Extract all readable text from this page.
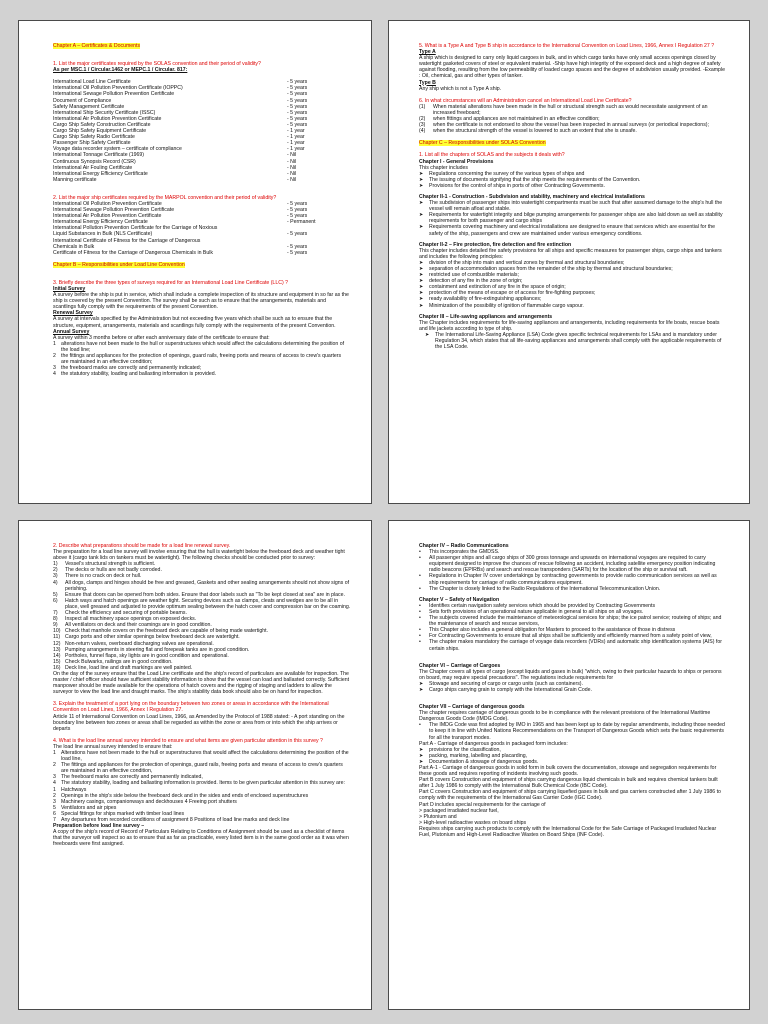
Chapter A – Certificates & Documents
1. List the major certificates required by the SOLAS convention and their period of validity?
As per MSC.1 / Circular.1462 or MEPC.1 / Circular. 817:
International Load Line Certificate	- 5 years
International Oil Pollution Prevention Certificate (IOPPC)	- 5 years
International Sewage Pollution Prevention Certificate	- 5 years
Document of Compliance	- 5 years
Safety Management Certificate	- 5 years
International Ship Security Certificate (ISSC)	- 5 years
International Air Pollution Prevention Certificate	- 5 years
Cargo Ship Safety Construction Certificate	- 5 years
Cargo Ship Safety Equipment Certificate	- 1 year
Cargo Ship Safety Radio Certificate	- 1 year
Passenger Ship Safety Certificate	- 1 year
Voyage data recorder system – certificate of compliance	- 1 year
International Tonnage Certificate (1969)	- Nil
Continuous Synopsis Record (CSR)	- Nil
International Air Fouling Certificate	- Nil
International Energy Efficiency Certificate	- Nil
Manning certificate	- Nil
2. List the major ship certificates required by the MARPOL convention and their period of validity?
International Oil Pollution Prevention Certificate	- 5 years
International Sewage Pollution Prevention Certificate	- 5 years
International Air Pollution Prevention Certificate	- 5 years
International Energy Efficiency Certificate	- Permanent
International Pollution Prevention Certificate for the Carriage of Noxious
Liquid Substances in Bulk (NLS Certificate)	- 5 years
International Certificate of Fitness for the Carriage of Dangerous
Chemicals in Bulk	- 5 years
Certificate of Fitness for the Carriage of Dangerous Chemicals in Bulk	- 5 years
Chapter B – Responsibilities under Load Line Convention
3. Briefly describe the three types of surveys required for an International Load Line Certificate (LLC) ?
Initial Survey
A survey before the ship is put in service, which shall include a complete inspection of its structure and equipment in so far as the ship is covered by the present Convention. The survey shall be such as to ensure that the arrangements, materials and scantlings fully comply with the requirements of the present Convention.
Renewal Survey
A survey at intervals specified by the Administration but not exceeding five years which shall be such as to ensure that the structure, equipment, arrangements, materials and scantlings fully comply with the requirements of the present Convention.
Annual Survey
A survey within 3 months before or after each anniversary date of the certificate to ensure that:
1 alterations have not been made to the hull or superstructures which would affect the calculations determining the position of the load line;
2 the fittings and appliances for the protection of openings, guard rails, freeing ports and means of access to crew's quarters are maintained in an effective condition;
3 the freeboard marks are correctly and permanently indicated;
4 the statutory stability, loading and ballasting information is provided.
5. What is a Type A and Type B ship in accordance to the International Convention on Load Lines, 1966, Annex I Regulation 27 ?
Type A
A ship which is designed to carry only liquid cargoes in bulk, and in which cargo tanks have only small access openings closed by watertight gasketed covers of steel or equivalent material. -Ship have high integrity of the exposed deck and a high degree of safety against flooding, resulting from the low permeability of loaded cargo spaces and the degree of subdivision usually provided. -Example : Oil, chemical, gas and other types of tanker.
Type B
Any ship which is not a Type A ship.
6. In what circumstances will an Administration cancel an International Load Line Certificate?
(1)	When material alterations have been made in the hull or structural strength such as would necessitate assignment of an increased freeboard;
(2)	when fittings and appliances are not maintained in an effective condition;
(3)	when the certificate is not endorsed to show the vessel has been inspected in annual surveys (or periodical inspections);
(4)	when the structural strength of the vessel is lowered to such an extent that she is unsafe.
Chapter C – Responsibilities under SOLAS Convention
1. List all the chapters of SOLAS and the subjects it deals with?
Chapter I - General Provisions
This chapter includes
➤	Regulations concerning the survey of the various types of ships and
➤	The issuing of documents signifying that the ship meets the requirements of the Convention.
➤	Provisions for the control of ships in ports of other Contracting Governments.
Chapter II-1 - Construction - Subdivision and stability, machinery and electrical installations
➤	The subdivision of passenger ships into watertight compartments must be such that after assumed damage to the ship's hull the vessel will remain afloat and stable.
➤	Requirements for watertight integrity and bilge pumping arrangements for passenger ships are also laid down as well as stability requirements for both passenger and cargo ships
➤	Requirements covering machinery and electrical installations are designed to ensure that services which are essential for the safety of the ship, passengers and crew are maintained under various emergency conditions.
Chapter II-2 – Fire protection, fire detection and fire extinction
This chapter includes detailed fire safety provisions for all ships and specific measures for passenger ships, cargo ships and tankers and includes the following principles:
➤	division of the ship into main and vertical zones by thermal and structural boundaries;
➤	separation of accommodation spaces from the remainder of the ship by thermal and structural boundaries;
➤	restricted use of combustible materials;
➤	detection of any fire in the zone of origin;
➤	containment and extinction of any fire in the space of origin;
➤	protection of the means of escape or of access for fire-fighting purposes;
➤	ready availability of fire-extinguishing appliances;
➤	Minimization of the possibility of ignition of flammable cargo vapour.
Chapter III – Life-saving appliances and arrangements
The Chapter includes requirements for life-saving appliances and arrangements, including requirements for life boats, rescue boats and life jackets according to type of ship.
➤	The International Life-Saving Appliance (LSA) Code gives specific technical requirements for LSAs and is mandatory under Regulation 34, which states that all life-saving appliances and arrangements shall comply with the applicable requirements of the LSA Code.
2. Describe what preparations should be made for a load line renewal survey.
The preparation for a load line survey will involve ensuring that the hull is watertight below the freeboard deck and weather tight above it (cargo tank lids on tankers must be watertight). The following checks should be conducted prior to survey:
1)	Vessel's structural strength is sufficient.
2)	The decks or hulls are not badly corroded.
3)	There is no crack on deck or hull.
4)	All dogs, clamps and hinges should be free and greased, Gaskets and other sealing arrangements should not show signs of perishing.
5)	Ensure that doors can be opened from both sides. Ensure that door labels such as "To be kept closed at sea" are in place.
6)	Hatch ways and hatch openings are weather tight. Securing devices such as clamps, cleats and wedges are to be all in place, well greased and adjusted to provide optimum sealing between the hatch cover and compression bar on the coaming.
7)	Check the efficiency and securing of portable beams.
8)	Inspect all machinery space openings on exposed decks.
9)	All ventilators on deck and their coamings are in good condition.
10) Check that manhole covers on the freeboard deck are capable of being made watertight.
11) Cargo ports and other similar openings below freeboard deck are watertight.
12) Non-return valves, overboard discharging valves are operational.
13) Pumping arrangements in steering flat and forepeak tanks are in good condition.
14) Portholes, funnel flaps, sky lights are in good condition and operational.
15) Check Bulwarks, railings are in good condition.
16) Deck line, load line and draft markings are well painted.
On the day of the survey ensure that the Load Line certificate and the ship's record of particulars are available for inspection. The master / chief officer should have sufficient stability information to show that the vessel can load and ballasted correctly. Sufficient manpower should be made available for the operations of hatch covers and the rigging of staging and ladders to allow the surveyor to view the load line and draught marks. The ship's stability data book should also be on hand for inspection.
3. Explain the treatment of a port lying on the boundary between two zones or areas in accordance with the International Convention on Load Lines, 1966, Annex I Regulation 27.
Article 11 of International Convention on Load Lines, 1966, as Amended by the Protocol of 1988 stated: - A port standing on the boundary line between two zones or areas shall be regarded as within the zone or area from or into which the ship arrives or departs
4. What is the load line annual survey intended to ensure and what items are given particular attention in this survey ?
The load line annual survey intended to ensure that:
1 Alterations have not been made to the hull or superstructures that would affect the calculations determining the position of the load line,
2 The fittings and appliances for the protection of openings, guard rails, freeing ports and means of access to crew's quarters are maintained in an effective condition,
3 The freeboard marks are correctly and permanently indicated,
4 The statutory stability, loading and ballasting information is provided. Items to be given particular attention in this survey are:
1 Hatchways
2 Openings in the ship's side below the freeboard deck and in the sides and ends of enclosed superstructures
3 Machinery casings, companionways and deckhouses 4 Freeing port shutters
5 Ventilators and air pipes
6 Special fittings for ships marked with timber load lines
7 Any departures from recorded conditions of assignment 8 Positions of load line marks and deck line
Preparation before load line survey –
A copy of the ship's record of Record of Particulars Relating to Conditions of Assignment should be used as a checklist of items that the surveyor will inspect so as to ensure that as far as practicable, every listed item is in the same good order as it was when freeboards were first assigned.
Chapter IV – Radio Communications
•	This incorporates the GMDSS.
•	All passenger ships and all cargo ships of 300 gross tonnage and upwards on international voyages are required to carry equipment designed to improve the chances of rescue following an accident, including satellite emergency position indicating radio beacons (EPIRBs) and search and rescue transponders (SARTs) for the location of the ship or survival raft.
•	Regulations in Chapter IV cover undertakings by contracting governments to provide radio communication services as well as ship requirements for carriage of radio communications equipment.
•	The Chapter is closely linked to the Radio Regulations of the International Telecommunication Union.
Chapter V – Safety of Navigation
•	Identifies certain navigation safety services which should be provided by Contracting Governments
•	Sets forth provisions of an operational nature applicable in general to all ships on all voyages.
•	The subjects covered include the maintenance of meteorological services for ships; the ice patrol service; routeing of ships; and the maintenance of search and rescue services,
•	This Chapter also includes a general obligation for Masters to proceed to the assistance of those in distress
•	For Contracting Governments to ensure that all ships shall be sufficiently and efficiently manned from a safety point of view,
•	The chapter makes mandatory the carriage of voyage data recorders (VDRs) and automatic ship identification systems (AIS) for certain ships.
Chapter VI – Carriage of Cargoes
The Chapter covers all types of cargo (except liquids and gases in bulk) "which, owing to their particular hazards to ships or persons on board, may require special precautions". The regulations include requirements for
➤	Stowage and securing of cargo or cargo units (such as containers).
➤	Cargo ships carrying grain to comply with the International Grain Code.
Chapter VII – Carriage of dangerous goods
The chapter requires carriage of dangerous goods to be in compliance with the relevant provisions of the International Maritime Dangerous Goods Code (IMDG Code).
•	The IMDG Code was first adopted by IMO in 1965 and has been kept up to date by regular amendments, including those needed to keep it in line with United Nations Recommendations on the Transport of Dangerous Goods which sets the basic requirements for all the transport modes.
Part A - Carriage of dangerous goods in packaged form includes:
➤	provisions for the classification,
➤	packing, marking, labelling and placarding,
➤	Documentation & stowage of dangerous goods.
Part A-1 - Carriage of dangerous goods in solid form in bulk covers the documentation, stowage and segregation requirements for these goods and requires reporting of incidents involving such goods.
Part B covers Construction and equipment of ships carrying dangerous liquid chemicals in bulk and requires chemical tankers built after 1 July 1986 to comply with the International Bulk Chemical Code (IBC Code).
Part C covers Construction and equipment of ships carrying liquefied gases in bulk and gas carriers constructed after 1 July 1986 to comply with the requirements of the International Gas Carrier Code (IGC Code).
Part D includes special requirements for the carriage of
> packaged irradiated nuclear fuel,
> Plutonium and
> High-level radioactive wastes on board ships
Requires ships carrying such products to comply with the International Code for the Safe Carriage of Packaged Irradiated Nuclear Fuel, Plutonium and High-Level Radioactive Wastes on Board Ships (INF Code).
